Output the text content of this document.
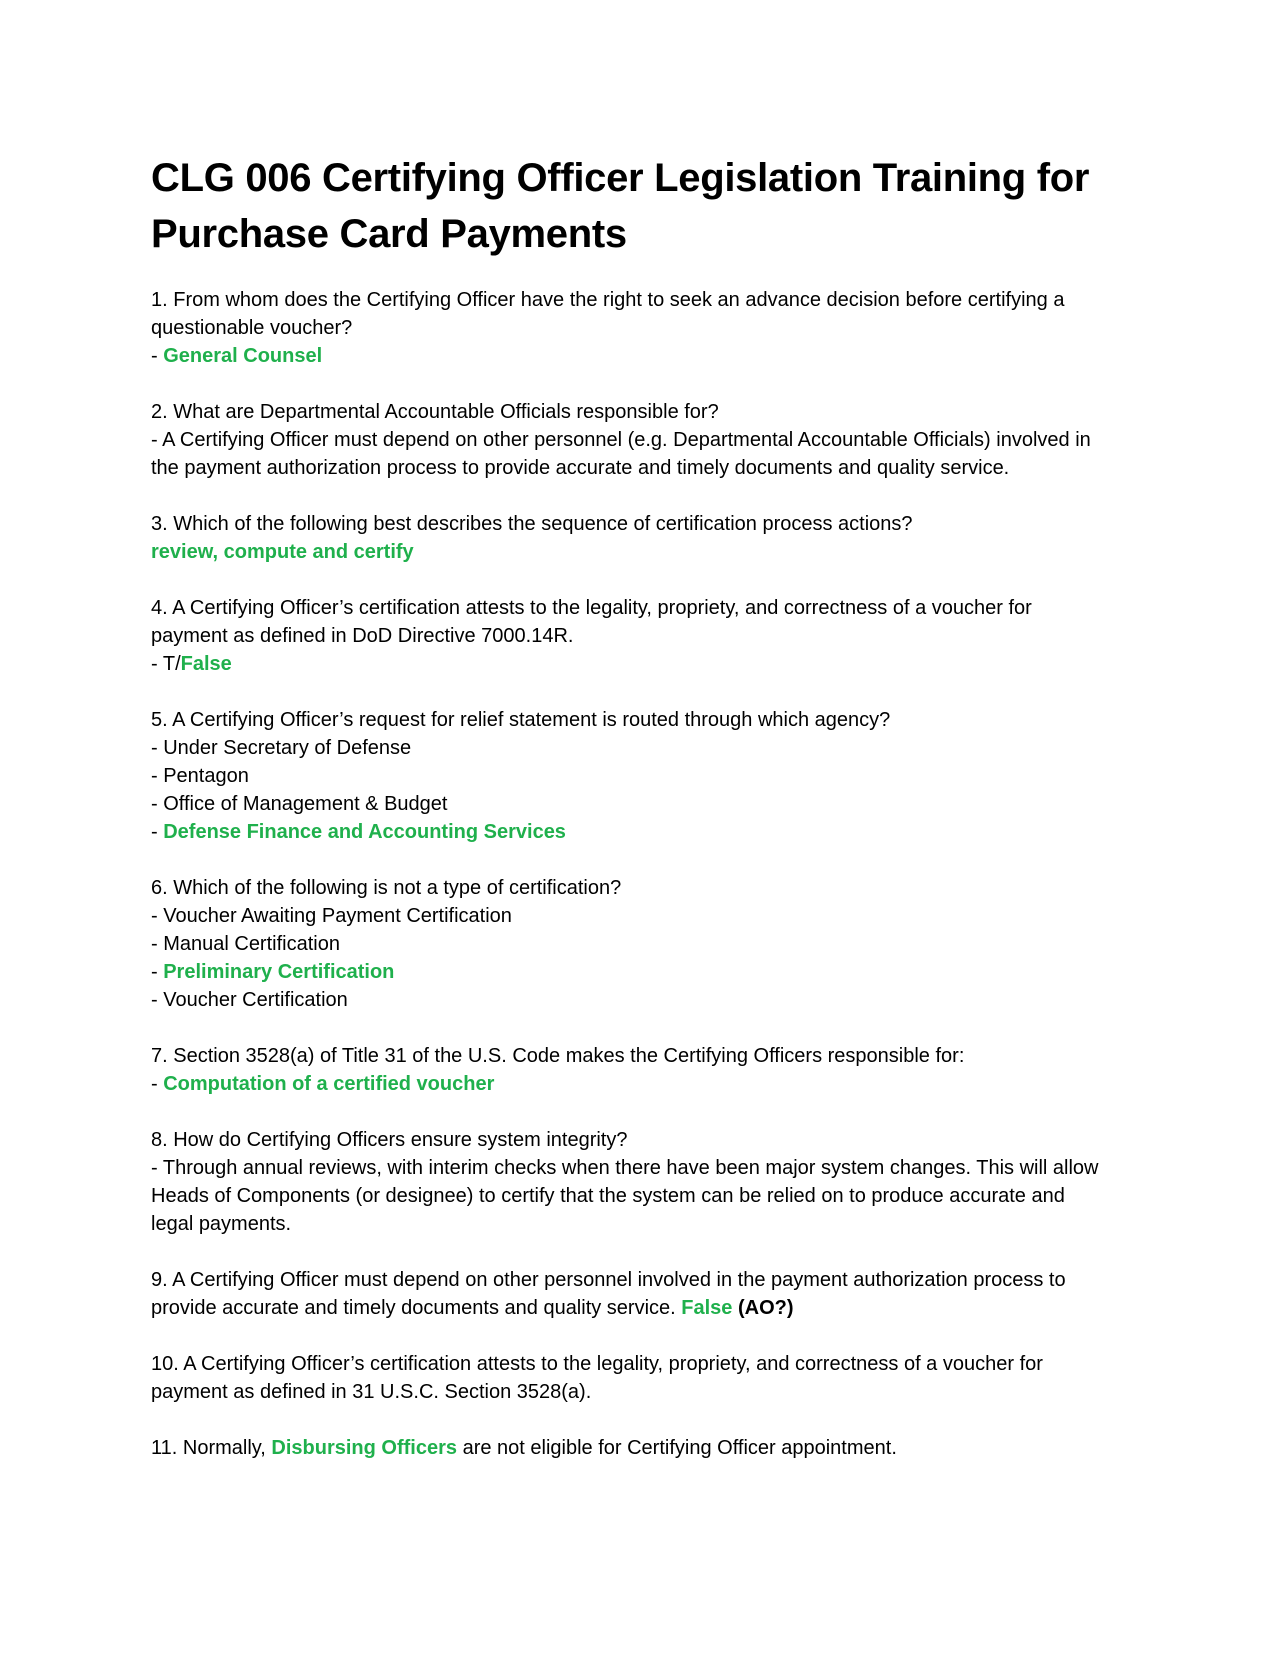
CLG 006 Certifying Officer Legislation Training for Purchase Card Payments
1. From whom does the Certifying Officer have the right to seek an advance decision before certifying a questionable voucher?
- General Counsel
2. What are Departmental Accountable Officials responsible for?
- A Certifying Officer must depend on other personnel (e.g. Departmental Accountable Officials) involved in the payment authorization process to provide accurate and timely documents and quality service.
3. Which of the following best describes the sequence of certification process actions?
review, compute and certify
4. A Certifying Officer’s certification attests to the legality, propriety, and correctness of a voucher for payment as defined in DoD Directive 7000.14R.
- T/False
5. A Certifying Officer’s request for relief statement is routed through which agency?
- Under Secretary of Defense
- Pentagon
- Office of Management & Budget
- Defense Finance and Accounting Services
6. Which of the following is not a type of certification?
- Voucher Awaiting Payment Certification
- Manual Certification
- Preliminary Certification
- Voucher Certification
7. Section 3528(a) of Title 31 of the U.S. Code makes the Certifying Officers responsible for:
- Computation of a certified voucher
8. How do Certifying Officers ensure system integrity?
- Through annual reviews, with interim checks when there have been major system changes. This will allow Heads of Components (or designee) to certify that the system can be relied on to produce accurate and legal payments.
9. A Certifying Officer must depend on other personnel involved in the payment authorization process to provide accurate and timely documents and quality service. False (AO?)
10. A Certifying Officer’s certification attests to the legality, propriety, and correctness of a voucher for payment as defined in 31 U.S.C. Section 3528(a).
11. Normally, Disbursing Officers are not eligible for Certifying Officer appointment.
